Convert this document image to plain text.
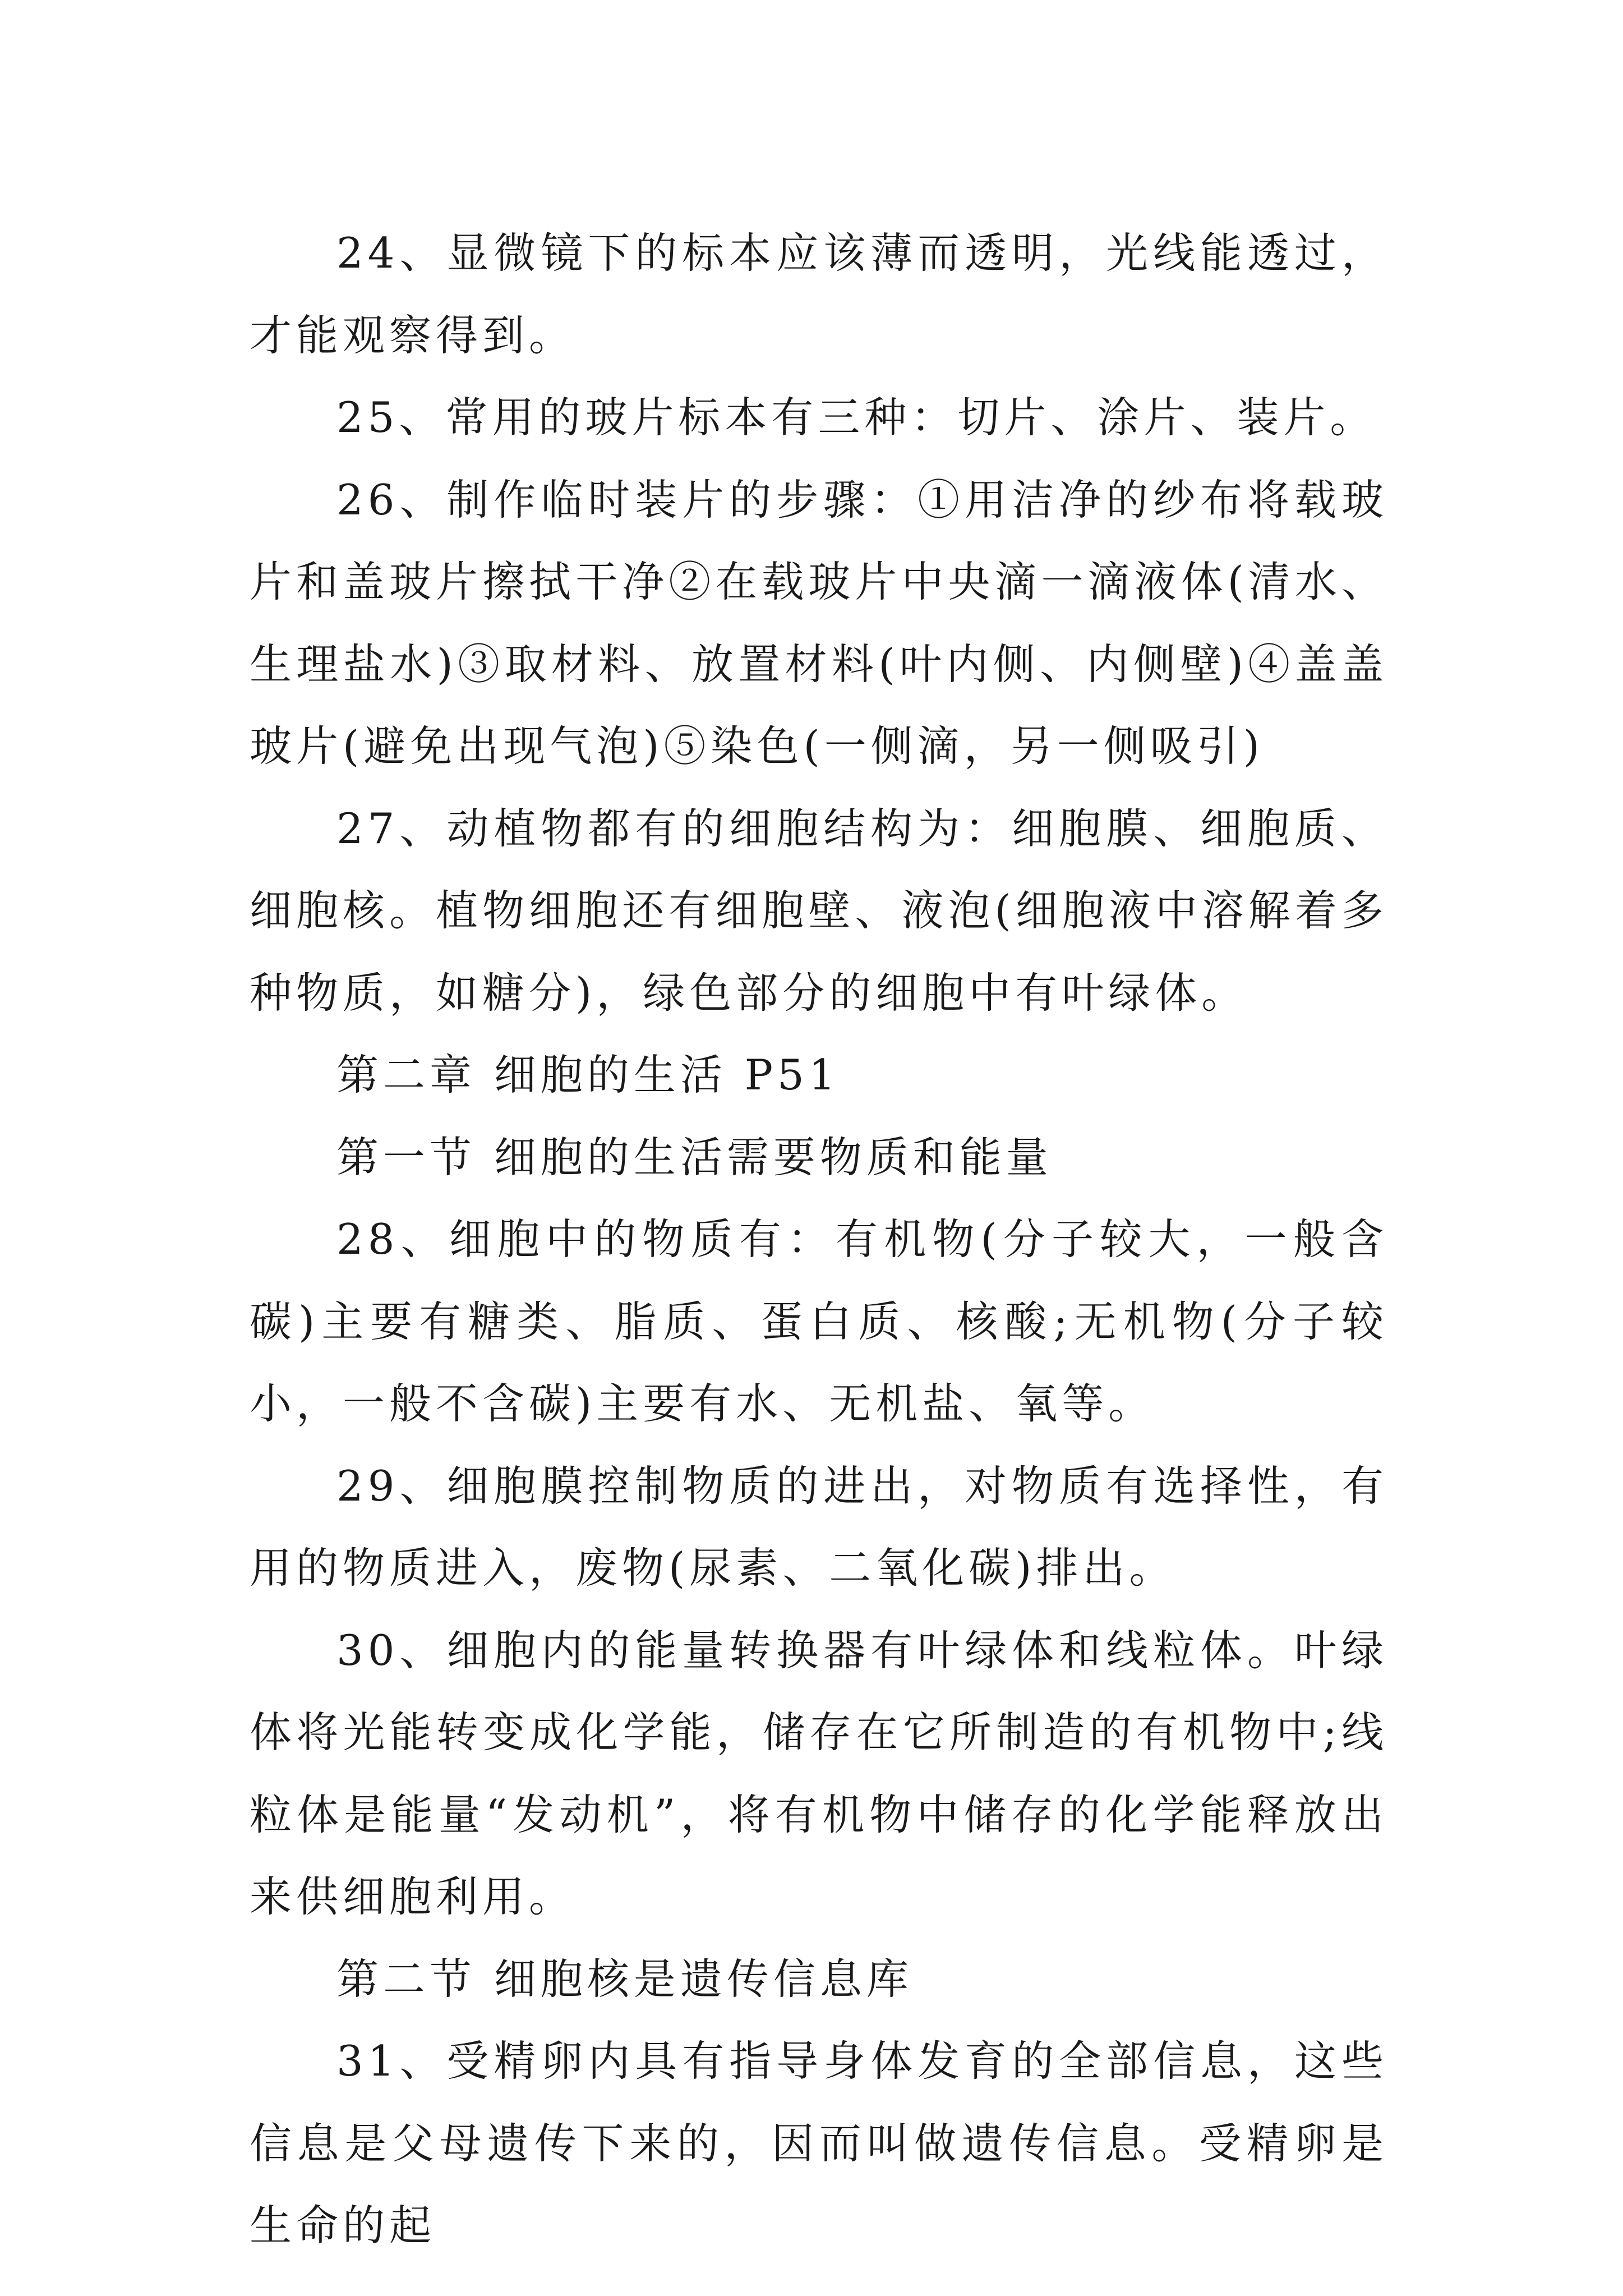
24、显微镜下的标本应该薄而透明，光线能透过，才能观察得到。

25、常用的玻片标本有三种：切片、涂片、装片。

26、制作临时装片的步骤：①用洁净的纱布将载玻片和盖玻片擦拭干净②在载玻片中央滴一滴液体(清水、生理盐水)③取材料、放置材料(叶内侧、内侧壁)④盖盖玻片(避免出现气泡)⑤染色(一侧滴，另一侧吸引)

27、动植物都有的细胞结构为：细胞膜、细胞质、细胞核。植物细胞还有细胞壁、液泡(细胞液中溶解着多种物质，如糖分)，绿色部分的细胞中有叶绿体。

第二章 细胞的生活 P51

第一节 细胞的生活需要物质和能量

28、细胞中的物质有：有机物(分子较大，一般含碳)主要有糖类、脂质、蛋白质、核酸;无机物(分子较小，一般不含碳)主要有水、无机盐、氧等。

29、细胞膜控制物质的进出，对物质有选择性，有用的物质进入，废物(尿素、二氧化碳)排出。

30、细胞内的能量转换器有叶绿体和线粒体。叶绿体将光能转变成化学能，储存在它所制造的有机物中;线粒体是能量“发动机”，将有机物中储存的化学能释放出来供细胞利用。

第二节 细胞核是遗传信息库

31、受精卵内具有指导身体发育的全部信息，这些信息是父母遗传下来的，因而叫做遗传信息。受精卵是生命的起
